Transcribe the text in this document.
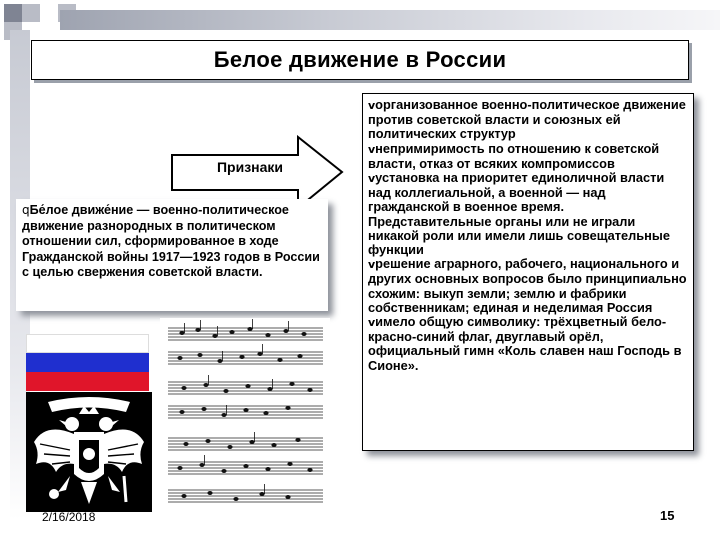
Белое движение в России
Признаки
qБе́лое движе́ние — военно-политическое движение разнородных в политическом отношении сил, сформированное в ходе Гражданской войны 1917—1923 годов в России с целью свержения советской власти.

vорганизованное военно-политическое движение против советской власти и союзных ей политических структур

vнепримиримость по отношению к советской власти, отказ от всяких компромиссов

vустановка на приоритет единоличной власти над коллегиальной, а военной — над гражданской в военное время. Представительные органы или не играли никакой роли или имели лишь совещательные функции

vрешение аграрного, рабочего, национального и других основных вопросов было принципиально схожим: выкуп земли; землю и фабрики собственникам; единая и неделимая Россия

vимело общую символику: трёхцветный бело-красно-синий флаг, двуглавый орёл, официальный гимн «Коль славен наш Господь в Сионе».

2/16/2018	15
